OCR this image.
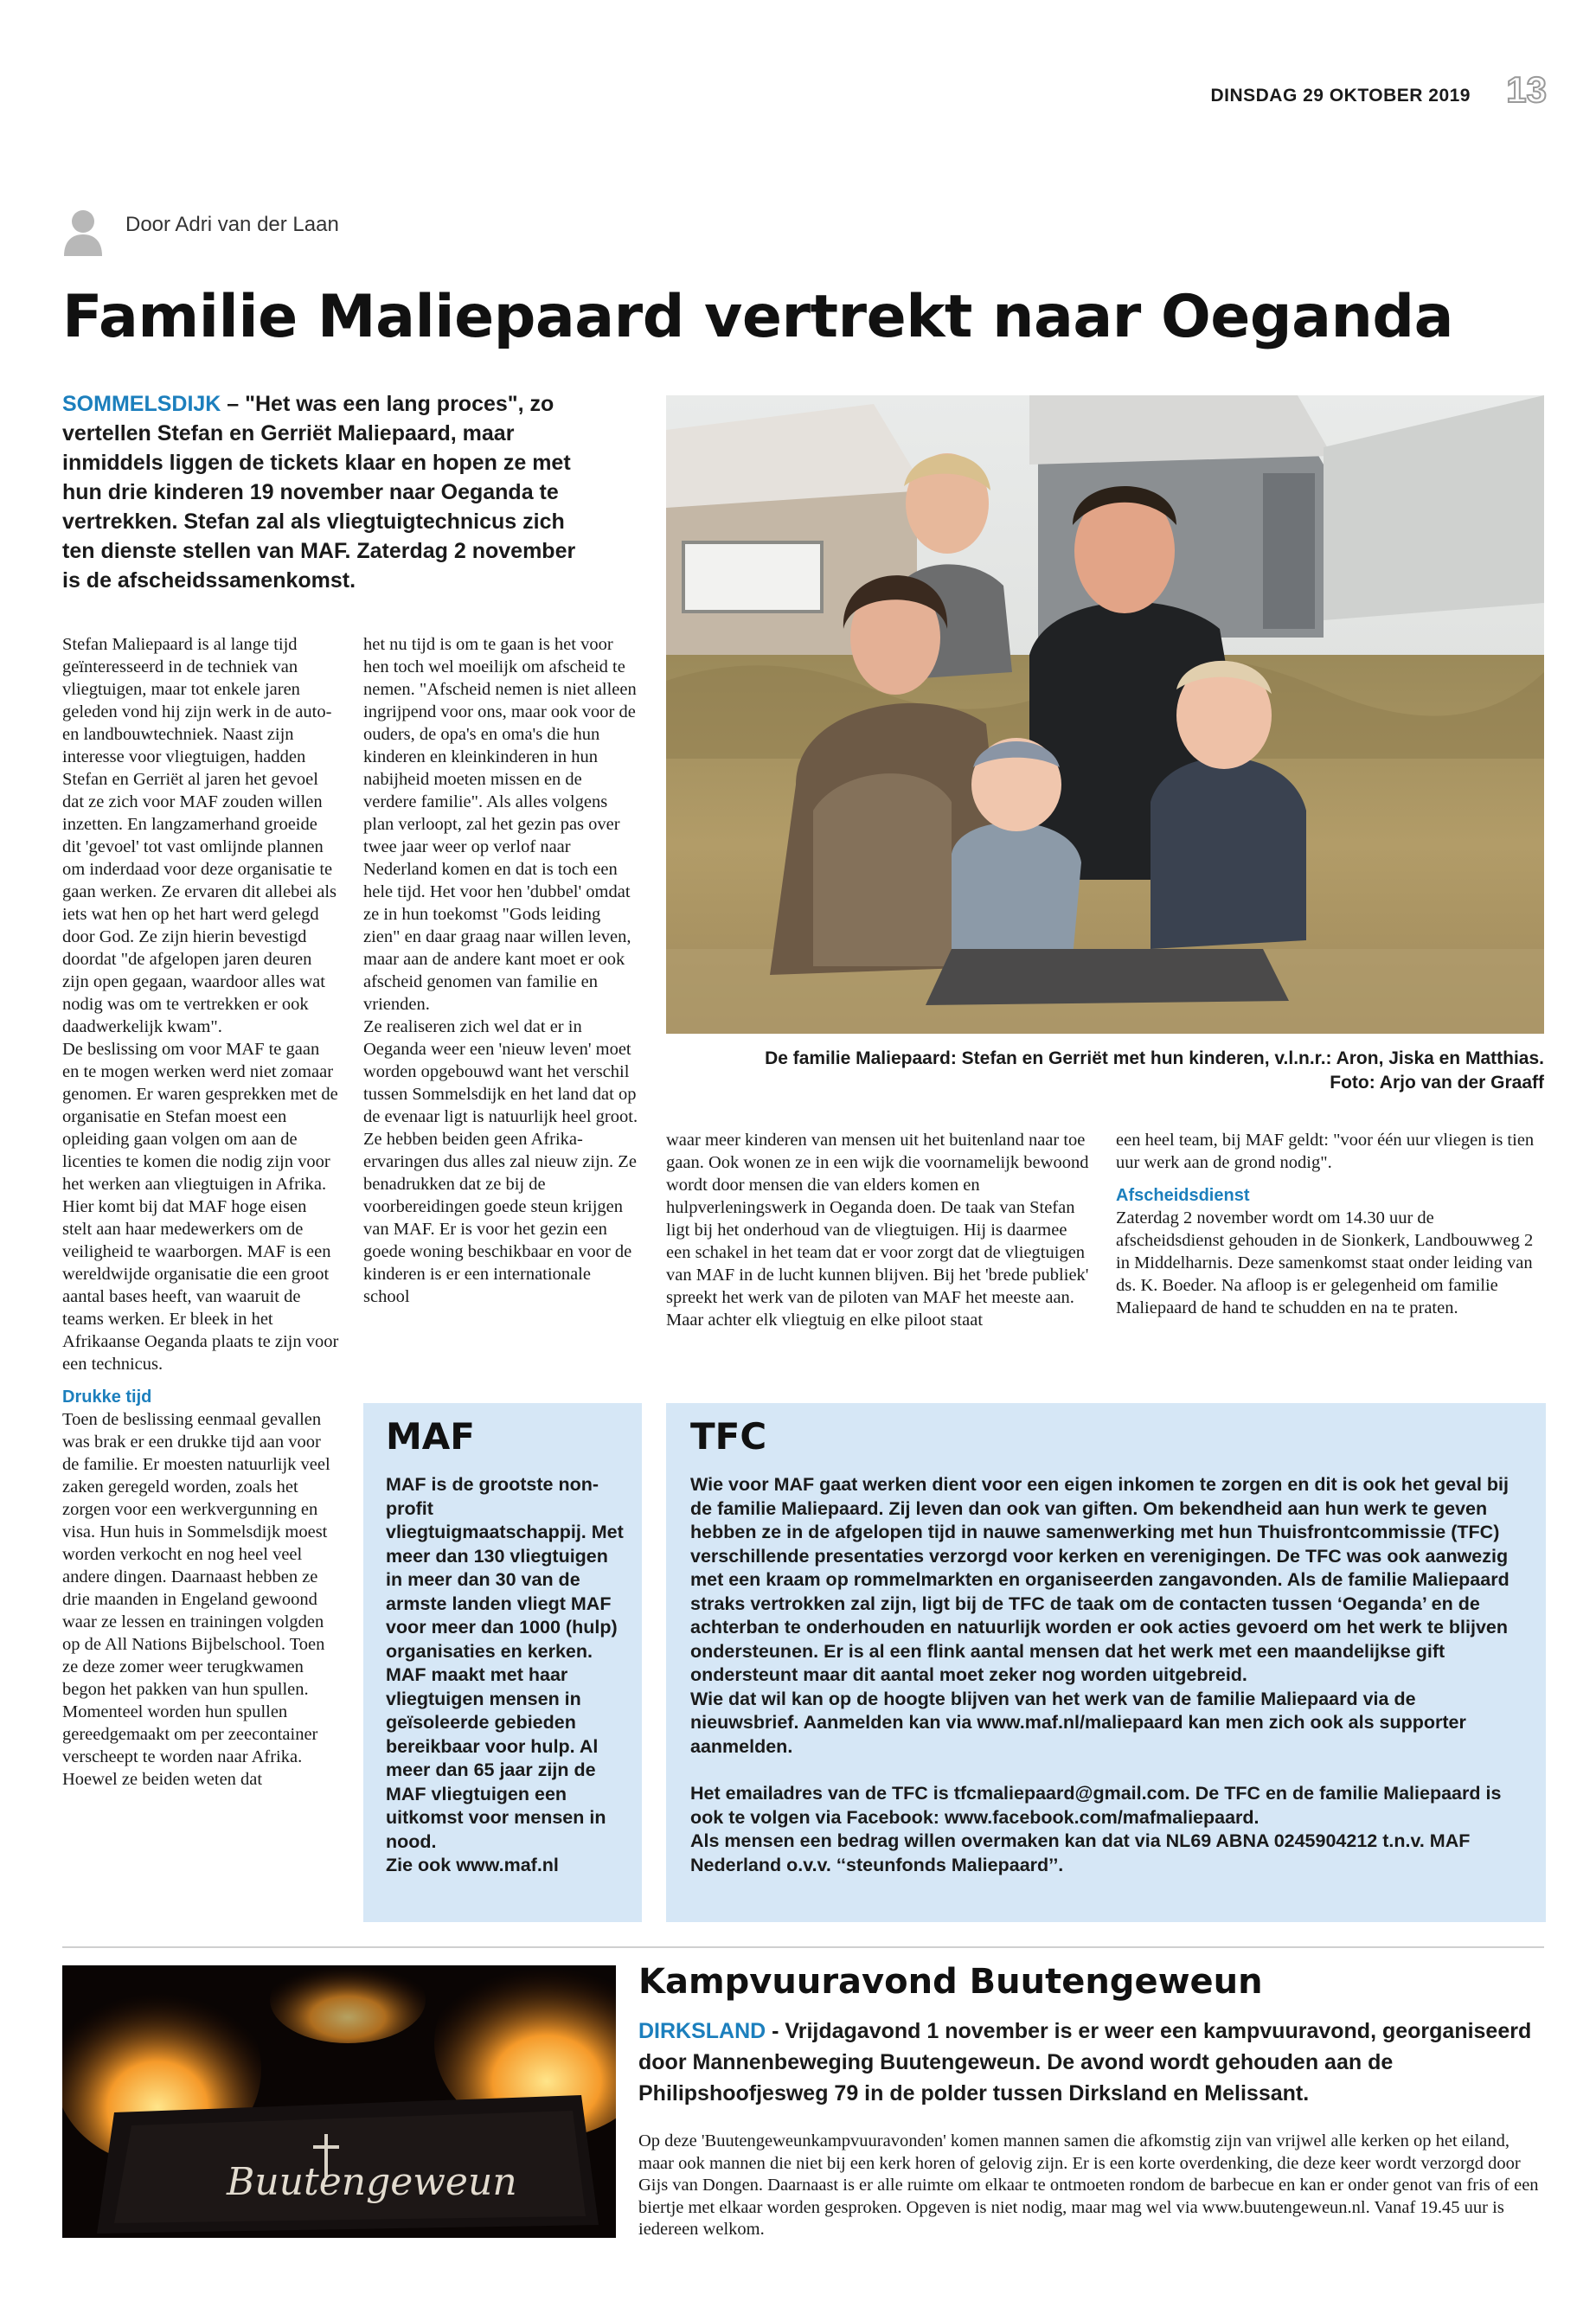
DINSDAG 29 OKTOBER 2019 13
Door Adri van der Laan
Familie Maliepaard vertrekt naar Oeganda
SOMMELSDIJK – "Het was een lang proces", zo vertellen Stefan en Gerriët Maliepaard, maar inmiddels liggen de tickets klaar en hopen ze met hun drie kinderen 19 november naar Oeganda te vertrekken. Stefan zal als vliegtuigtechnicus zich ten dienste stellen van MAF. Zaterdag 2 november is de afscheidssamenkomst.

Stefan Maliepaard is al lange tijd geïnteresseerd in de techniek van vliegtuigen, maar tot enkele jaren geleden vond hij zijn werk in de auto- en landbouwtechniek. Naast zijn interesse voor vliegtuigen, hadden Stefan en Gerriët al jaren het gevoel dat ze zich voor MAF zouden willen inzetten. En langzamerhand groeide dit 'gevoel' tot vast omlijnde plannen om inderdaad voor deze organisatie te gaan werken. Ze ervaren dit allebei als iets wat hen op het hart werd gelegd door God. Ze zijn hierin bevestigd doordat "de afgelopen jaren deuren zijn open gegaan, waardoor alles wat nodig was om te vertrekken er ook daadwerkelijk kwam".

De beslissing om voor MAF te gaan en te mogen werken werd niet zomaar genomen. Er waren gesprekken met de organisatie en Stefan moest een opleiding gaan volgen om aan de licenties te komen die nodig zijn voor het werken aan vliegtuigen in Afrika. Hier komt bij dat MAF hoge eisen stelt aan haar medewerkers om de veiligheid te waarborgen. MAF is een wereldwijde organisatie die een groot aantal bases heeft, van waaruit de teams werken. Er bleek in het Afrikaanse Oeganda plaats te zijn voor een technicus.

Drukke tijd

Toen de beslissing eenmaal gevallen was brak er een drukke tijd aan voor de familie. Er moesten natuurlijk veel zaken geregeld worden, zoals het zorgen voor een werkvergunning en visa. Hun huis in Sommelsdijk moest worden verkocht en nog heel veel andere dingen. Daarnaast hebben ze drie maanden in Engeland gewoond waar ze lessen en trainingen volgden op de All Nations Bijbelschool. Toen ze deze zomer weer terugkwamen begon het pakken van hun spullen. Momenteel worden hun spullen gereedgemaakt om per zeecontainer verscheept te worden naar Afrika.

Hoewel ze beiden weten dat

het nu tijd is om te gaan is het voor hen toch wel moeilijk om afscheid te nemen. "Afscheid nemen is niet alleen ingrijpend voor ons, maar ook voor de ouders, de opa's en oma's die hun kinderen en kleinkinderen in hun nabijheid moeten missen en de verdere familie". Als alles volgens plan verloopt, zal het gezin pas over twee jaar weer op verlof naar Nederland komen en dat is toch een hele tijd. Het voor hen 'dubbel' omdat ze in hun toekomst "Gods leiding zien" en daar graag naar willen leven, maar aan de andere kant moet er ook afscheid genomen van familie en vrienden.

Ze realiseren zich wel dat er in Oeganda weer een 'nieuw leven' moet worden opgebouwd want het verschil tussen Sommelsdijk en het land dat op de evenaar ligt is natuurlijk heel groot. Ze hebben beiden geen Afrika-ervaringen dus alles zal nieuw zijn. Ze benadrukken dat ze bij de voorbereidingen goede steun krijgen van MAF. Er is voor het gezin een goede woning beschikbaar en voor de kinderen is er een internationale school

De familie Maliepaard: Stefan en Gerriët met hun kinderen, v.l.n.r.: Aron, Jiska en Matthias.
Foto: Arjo van der Graaff

waar meer kinderen van mensen uit het buitenland naar toe gaan. Ook wonen ze in een wijk die voornamelijk bewoond wordt door mensen die van elders komen en hulpverleningswerk in Oeganda doen. De taak van Stefan ligt bij het onderhoud van de vliegtuigen. Hij is daarmee een schakel in het team dat er voor zorgt dat de vliegtuigen van MAF in de lucht kunnen blijven. Bij het 'brede publiek' spreekt het werk van de piloten van MAF het meeste aan. Maar achter elk vliegtuig en elke piloot staat

een heel team, bij MAF geldt: "voor één uur vliegen is tien uur werk aan de grond nodig".

Afscheidsdienst

Zaterdag 2 november wordt om 14.30 uur de afscheidsdienst gehouden in de Sionkerk, Landbouwweg 2 in Middelharnis. Deze samenkomst staat onder leiding van ds. K. Boeder. Na afloop is er gelegenheid om familie Maliepaard de hand te schudden en na te praten.

MAF
MAF is de grootste non-profit vliegtuigmaatschappij. Met meer dan 130 vliegtuigen in meer dan 30 van de armste landen vliegt MAF voor meer dan 1000 (hulp) organisaties en kerken. MAF maakt met haar vliegtuigen mensen in geïsoleerde gebieden bereikbaar voor hulp. Al meer dan 65 jaar zijn de MAF vliegtuigen een uitkomst voor mensen in nood.
Zie ook www.maf.nl
TFC
Wie voor MAF gaat werken dient voor een eigen inkomen te zorgen en dit is ook het geval bij de familie Maliepaard. Zij leven dan ook van giften. Om bekendheid aan hun werk te geven hebben ze in de afgelopen tijd in nauwe samenwerking met hun Thuisfrontcommissie (TFC) verschillende presentaties verzorgd voor kerken en verenigingen. De TFC was ook aanwezig met een kraam op rommelmarkten en organiseerden zangavonden. Als de familie Maliepaard straks vertrokken zal zijn, ligt bij de TFC de taak om de contacten tussen ‘Oeganda’ en de achterban te onderhouden en natuurlijk worden er ook acties gevoerd om het werk te blijven ondersteunen. Er is al een flink aantal mensen dat het werk met een maandelijkse gift ondersteunt maar dit aantal moet zeker nog worden uitgebreid.
Wie dat wil kan op de hoogte blijven van het werk van de familie Maliepaard via de nieuwsbrief. Aanmelden kan via www.maf.nl/maliepaard kan men zich ook als supporter aanmelden.
Het emailadres van de TFC is tfcmaliepaard@gmail.com. De TFC en de familie Maliepaard is ook te volgen via Facebook: www.facebook.com/mafmaliepaard.
Als mensen een bedrag willen overmaken kan dat via NL69 ABNA 0245904212 t.n.v. MAF Nederland o.v.v. ‘‘steunfonds Maliepaard’’.
Buutengeweun
Kampvuuravond Buutengeweun
DIRKSLAND - Vrijdagavond 1 november is er weer een kampvuuravond, georganiseerd door Mannenbeweging Buutengeweun. De avond wordt gehouden aan de Philipshoofjesweg 79 in de polder tussen Dirksland en Melissant.
Op deze 'Buutengeweunkampvuuravonden' komen mannen samen die afkomstig zijn van vrijwel alle kerken op het eiland, maar ook mannen die niet bij een kerk horen of gelovig zijn. Er is een korte overdenking, die deze keer wordt verzorgd door Gijs van Dongen. Daarnaast is er alle ruimte om elkaar te ontmoeten rondom de barbecue en kan er onder genot van fris of een biertje met elkaar worden gesproken. Opgeven is niet nodig, maar mag wel via www.buutengeweun.nl. Vanaf 19.45 uur is iedereen welkom.
